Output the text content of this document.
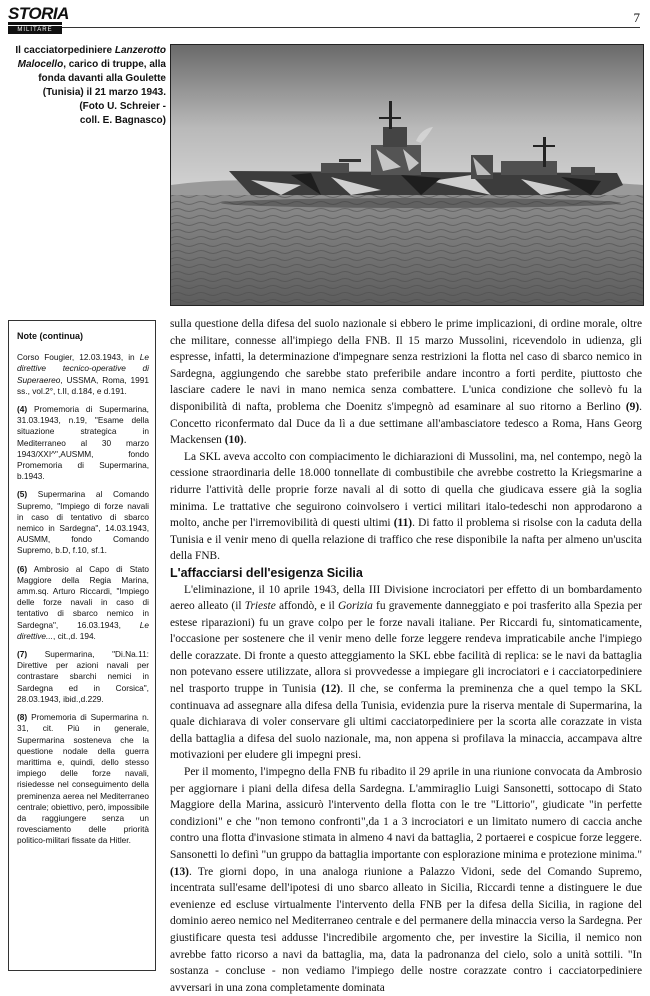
STORIA
MILITARE
7

Il cacciatorpediniere Lanzerotto

Malocello, carico di truppe, alla

fonda davanti alla Goulette

(Tunisia) il 21 marzo 1943.

(Foto U. Schreier -

coll. E. Bagnasco)

Note (continua)

Corso Fougier, 12.03.1943, in Le direttive tecnico-operative di Superaereo, USSMA, Roma, 1991 ss., vol.2°, t.II, d.184, e d.191.

(4) Promemoria di Supermarina, 31.03.1943, n.19, "Esame della situazione strategica in Mediterraneo al 30 marzo 1943/XXI^",AUSMM, fondo Promemoria di Supermarina, b.1943.

(5) Supermarina al Comando Supremo, "Impiego di forze navali in caso di tentativo di sbarco nemico in Sardegna", 14.03.1943, AUSMM, fondo Comando Supremo, b.D, f.10, sf.1.

(6) Ambrosio al Capo di Stato Maggiore della Regia Marina, amm.sq. Arturo Riccardi, "Impiego delle forze navali in caso di tentativo di sbarco nemico in Sardegna", 16.03.1943, Le direttive..., cit.,d. 194.

(7) Supermarina, "Di.Na.11: Direttive per azioni navali per contrastare sbarchi nemici in Sardegna ed in Corsica", 28.03.1943, ibid.,d.229.

(8) Promemoria di Supermarina n. 31, cit. Più in generale, Supermarina sosteneva che la questione nodale della guerra marittima e, quindi, dello stesso impiego delle forze navali, risiedesse nel conseguimento della preminenza aerea nel Mediterraneo centrale; obiettivo, però, impossibile da raggiungere senza un rovesciamento delle priorità politico-militari fissate da Hitler.

sulla questione della difesa del suolo nazionale si ebbero le prime implicazioni, di ordine morale, oltre che militare, connesse all'impiego della FNB. Il 15 marzo Mussolini, ricevendolo in udienza, gli espresse, infatti, la determinazione d'impegnare senza restrizioni la flotta nel caso di sbarco nemico in Sardegna, aggiungendo che sarebbe stato preferibile andare incontro a forti perdite, piuttosto che lasciare cadere le navi in mano nemica senza combattere. L'unica condizione che sollevò fu la disponibilità di nafta, problema che Doenitz s'impegnò ad esaminare al suo ritorno a Berlino (9). Concetto riconfermato dal Duce da lì a due settimane all'ambasciatore tedesco a Roma, Hans Georg Mackensen (10).

La SKL aveva accolto con compiacimento le dichiarazioni di Mussolini, ma, nel contempo, negò la cessione straordinaria delle 18.000 tonnellate di combustibile che avrebbe costretto la Kriegsmarine a ridurre l'attività delle proprie forze navali al di sotto di quella che giudicava essere già la soglia minima. Le trattative che seguirono coinvolsero i vertici militari italo-tedeschi non approdarono a molto, anche per l'irremovibilità di questi ultimi (11). Di fatto il problema si risolse con la caduta della Tunisia e il venir meno di quella relazione di traffico che rese disponibile la nafta per almeno un'uscita della FNB.

L'affacciarsi dell'esigenza Sicilia

L'eliminazione, il 10 aprile 1943, della III Divisione incrociatori per effetto di un bombardamento aereo alleato (il Trieste affondò, e il Gorizia fu gravemente danneggiato e poi trasferito alla Spezia per estese riparazioni) fu un grave colpo per le forze navali italiane. Per Riccardi fu, sintomaticamente, l'occasione per sostenere che il venir meno delle forze leggere rendeva impraticabile anche l'impiego delle corazzate. Di fronte a questo atteggiamento la SKL ebbe facilità di replica: se le navi da battaglia non potevano essere utilizzate, allora si provvedesse a impiegare gli incrociatori e i cacciatorpediniere nel trasporto truppe in Tunisia (12). Il che, se conferma la preminenza che a quel tempo la SKL continuava ad assegnare alla difesa della Tunisia, evidenzia pure la riserva mentale di Supermarina, la quale dichiarava di voler conservare gli ultimi cacciatorpediniere per la scorta alle corazzate in vista della battaglia a difesa del suolo nazionale, ma, non appena si profilava la minaccia, accampava altre motivazioni per eludere gli impegni presi.

Per il momento, l'impegno della FNB fu ribadito il 29 aprile in una riunione convocata da Ambrosio per aggiornare i piani della difesa della Sardegna. L'ammiraglio Luigi Sansonetti, sottocapo di Stato Maggiore della Marina, assicurò l'intervento della flotta con le tre "Littorio", giudicate "in perfette condizioni" e che "non temono confronti",da 1 a 3 incrociatori e un limitato numero di caccia anche contro una flotta d'invasione stimata in almeno 4 navi da battaglia, 2 portaerei e cospicue forze leggere. Sansonetti lo definì "un gruppo da battaglia importante con esplorazione minima e protezione minima." (13). Tre giorni dopo, in una analoga riunione a Palazzo Vidoni, sede del Comando Supremo, incentrata sull'esame dell'ipotesi di uno sbarco alleato in Sicilia, Riccardi tenne a distinguere le due evenienze ed escluse virtualmente l'intervento della FNB per la difesa della Sicilia, in ragione del dominio aereo nemico nel Mediterraneo centrale e del permanere della minaccia verso la Sardegna. Per giustificare questa tesi addusse l'incredibile argomento che, per investire la Sicilia, il nemico non avrebbe fatto ricorso a navi da battaglia, ma, data la padronanza del cielo, solo a unità sottili. "In sostanza - concluse - non vediamo l'impiego delle nostre corazzate contro i cacciatorpediniere avversari in una zona completamente dominata
